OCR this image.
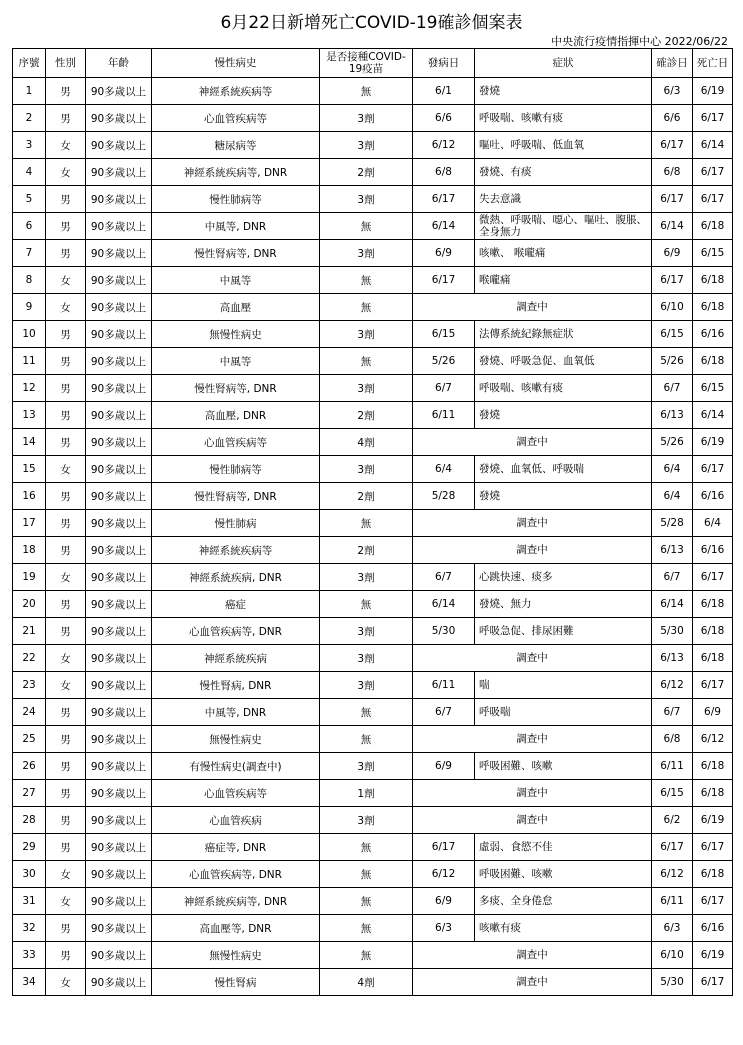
6月22日新增死亡COVID-19確診個案表
中央流行疫情指揮中心 2022/06/22
序號	性別	年齡	慢性病史	是否接種COVID-19疫苗	發病日	症狀	確診日	死亡日
1	男	90多歲以上	神經系統疾病等	無	6/1	發燒	6/3	6/19
2	男	90多歲以上	心血管疾病等	3劑	6/6	呼吸喘、咳嗽有痰	6/6	6/17
3	女	90多歲以上	糖尿病等	3劑	6/12	嘔吐、呼吸喘、低血氧	6/17	6/14
4	女	90多歲以上	神經系統疾病等, DNR	2劑	6/8	發燒、有痰	6/8	6/17
5	男	90多歲以上	慢性肺病等	3劑	6/17	失去意識	6/17	6/17
6	男	90多歲以上	中風等, DNR	無	6/14	微熱、呼吸喘、噁心、嘔吐、腹脹、全身無力	6/14	6/18
7	男	90多歲以上	慢性腎病等, DNR	3劑	6/9	咳嗽、 喉嚨痛	6/9	6/15
8	女	90多歲以上	中風等	無	6/17	喉嚨痛	6/17	6/18
9	女	90多歲以上	高血壓	無	調查中		6/10	6/18
10	男	90多歲以上	無慢性病史	3劑	6/15	法傳系統紀錄無症狀	6/15	6/16
11	男	90多歲以上	中風等	無	5/26	發燒、呼吸急促、血氧低	5/26	6/18
12	男	90多歲以上	慢性腎病等, DNR	3劑	6/7	呼吸喘、咳嗽有痰	6/7	6/15
13	男	90多歲以上	高血壓, DNR	2劑	6/11	發燒	6/13	6/14
14	男	90多歲以上	心血管疾病等	4劑	調查中		5/26	6/19
15	女	90多歲以上	慢性肺病等	3劑	6/4	發燒、血氧低、呼吸喘	6/4	6/17
16	男	90多歲以上	慢性腎病等, DNR	2劑	5/28	發燒	6/4	6/16
17	男	90多歲以上	慢性肺病	無	調查中		5/28	6/4
18	男	90多歲以上	神經系統疾病等	2劑	調查中		6/13	6/16
19	女	90多歲以上	神經系統疾病, DNR	3劑	6/7	心跳快速、痰多	6/7	6/17
20	男	90多歲以上	癌症	無	6/14	發燒、無力	6/14	6/18
21	男	90多歲以上	心血管疾病等, DNR	3劑	5/30	呼吸急促、排尿困難	5/30	6/18
22	女	90多歲以上	神經系統疾病	3劑	調查中		6/13	6/18
23	女	90多歲以上	慢性腎病, DNR	3劑	6/11	喘	6/12	6/17
24	男	90多歲以上	中風等, DNR	無	6/7	呼吸喘	6/7	6/9
25	男	90多歲以上	無慢性病史	無	調查中		6/8	6/12
26	男	90多歲以上	有慢性病史(調查中)	3劑	6/9	呼吸困難、咳嗽	6/11	6/18
27	男	90多歲以上	心血管疾病等	1劑	調查中		6/15	6/18
28	男	90多歲以上	心血管疾病	3劑	調查中		6/2	6/19
29	男	90多歲以上	癌症等, DNR	無	6/17	虛弱、食慾不佳	6/17	6/17
30	女	90多歲以上	心血管疾病等, DNR	無	6/12	呼吸困難、咳嗽	6/12	6/18
31	女	90多歲以上	神經系統疾病等, DNR	無	6/9	多痰、全身倦怠	6/11	6/17
32	男	90多歲以上	高血壓等, DNR	無	6/3	咳嗽有痰	6/3	6/16
33	男	90多歲以上	無慢性病史	無	調查中		6/10	6/19
34	女	90多歲以上	慢性腎病	4劑	調查中		5/30	6/17
